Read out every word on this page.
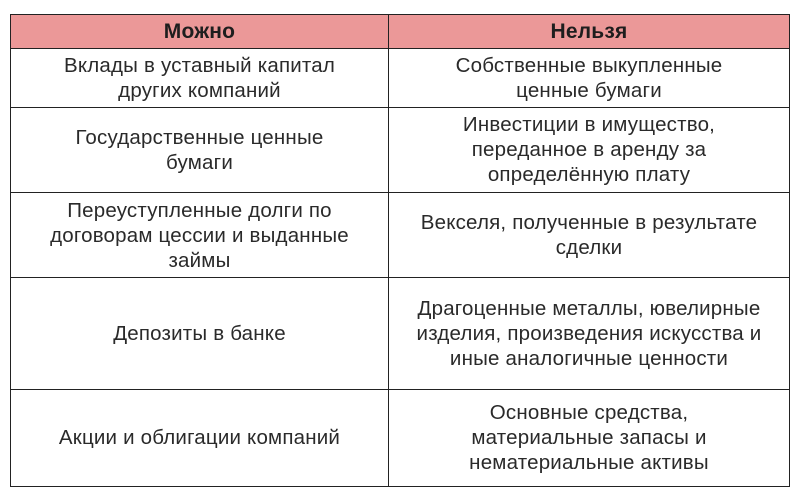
Можно	Нельзя
Вклады в уставный капитал других компаний	Собственные выкупленные ценные бумаги
Государственные ценные бумаги	Инвестиции в имущество, переданное в аренду за определённую плату
Переуступленные долги по договорам цессии и выданные займы	Векселя, полученные в результате сделки
Депозиты в банке	Драгоценные металлы, ювелирные изделия, произведения искусства и иные аналогичные ценности
Акции и облигации компаний	Основные средства, материальные запасы и нематериальные активы
